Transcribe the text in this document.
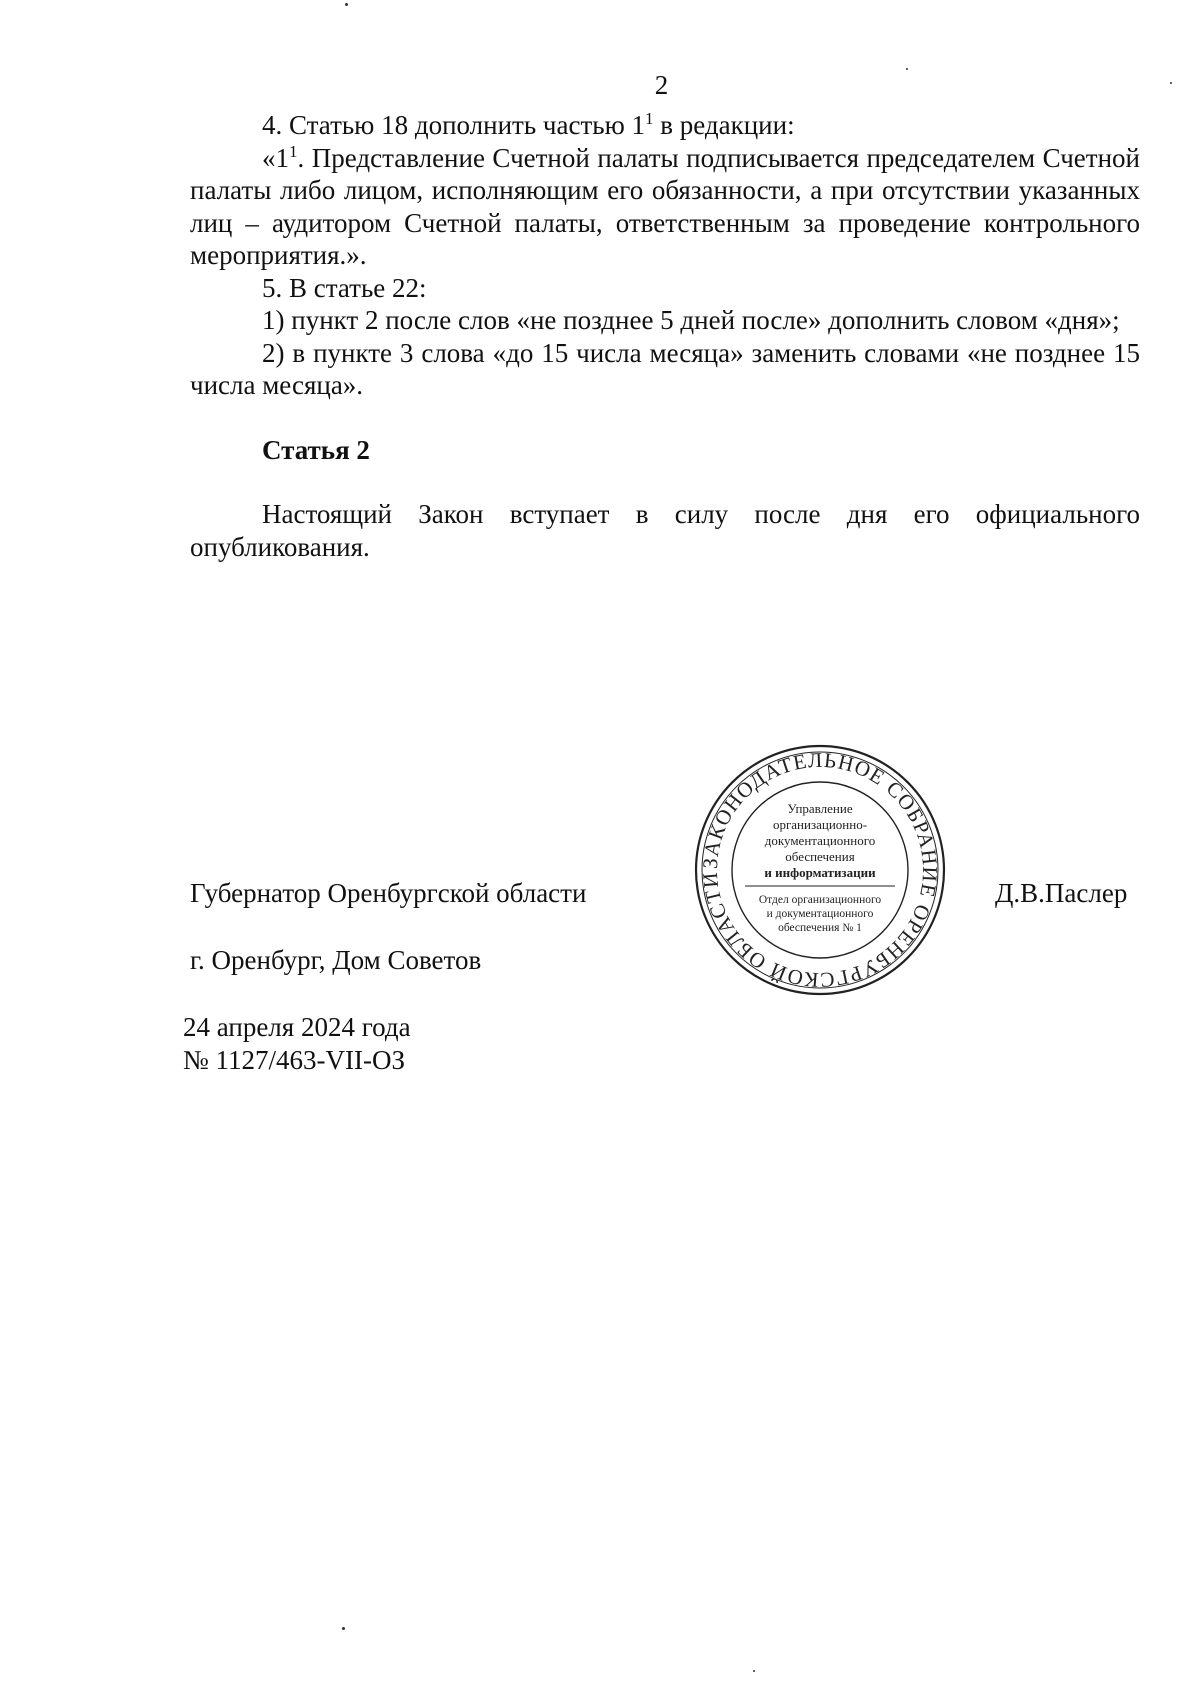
2

4. Статью 18 дополнить частью $1^1$ в редакции:

«$1^1$. Представление Счетной палаты подписывается председателем Счетной палаты либо лицом, исполняющим его обязанности, а при отсутствии указанных лиц – аудитором Счетной палаты, ответственным за проведение контрольного мероприятия.».

5. В статье 22:

1) пункт 2 после слов «не позднее 5 дней после» дополнить словом «дня»;

2) в пункте 3 слова «до 15 числа месяца» заменить словами «не позднее 15 числа месяца».

Статья 2

Настоящий Закон вступает в силу после дня его официального опубликования.

Губернатор Оренбургской области	Д.В.Паслер
г. Оренбург, Дом Советов
24 апреля 2024 года
№ 1127/463-VII-ОЗ
ЗАКОНОДАТЕЛЬНОЕ СОБРАНИЕ ОРЕНБУРГСКОЙ ОБЛАСТИ
Управление
организационно-
документационного
обеспечения
и информатизации
Отдел организационного
и документационного
обеспечения № 1
